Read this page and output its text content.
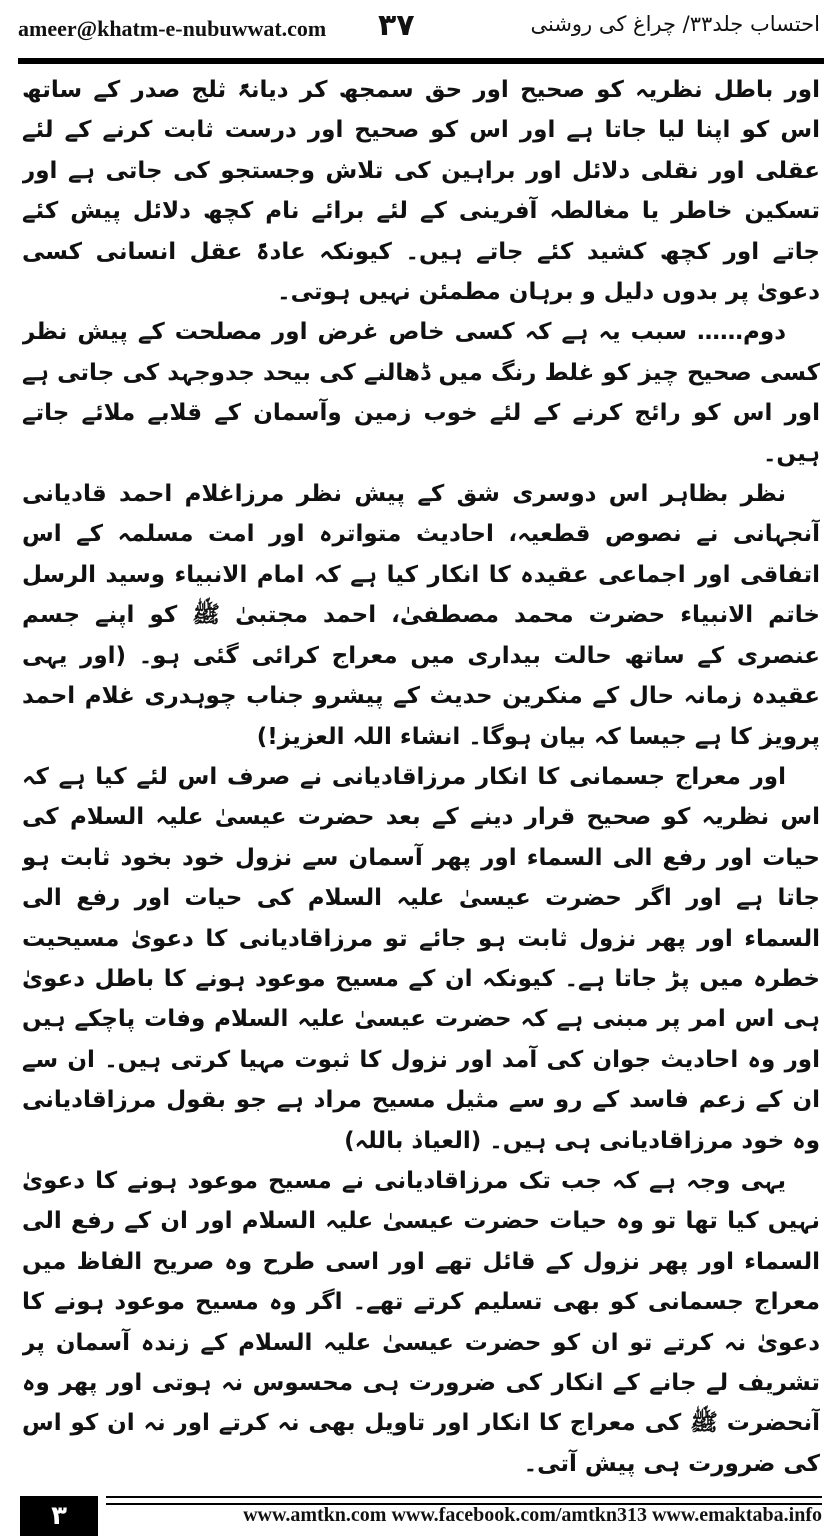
ameer@khatm-e-nubuwwat.com ۳۷	احتساب جلد۳۳/ چراغ کی روشنی

اور باطل نظریہ کو صحیح اور حق سمجھ کر دیانۃً ثلج صدر کے ساتھ اس کو اپنا لیا جاتا ہے اور اس کو صحیح اور درست ثابت کرنے کے لئے عقلی اور نقلی دلائل اور براہین کی تلاش وجستجو کی جاتی ہے اور تسکین خاطر یا مغالطہ آفرینی کے لئے برائے نام کچھ دلائل پیش کئے جاتے اور کچھ کشید کئے جاتے ہیں۔ کیونکہ عادۃً عقل انسانی کسی دعویٰ پر بدوں دلیل و برہان مطمئن نہیں ہوتی۔

دوم…… سبب یہ ہے کہ کسی خاص غرض اور مصلحت کے پیش نظر کسی صحیح چیز کو غلط رنگ میں ڈھالنے کی بیحد جدوجہد کی جاتی ہے اور اس کو رائج کرنے کے لئے خوب زمین وآسمان کے قلابے ملائے جاتے ہیں۔

نظر بظاہر اس دوسری شق کے پیش نظر مرزاغلام احمد قادیانی آنجہانی نے نصوص قطعیہ، احادیث متواترہ اور امت مسلمہ کے اس اتفاقی اور اجماعی عقیدہ کا انکار کیا ہے کہ امام الانبیاء وسید الرسل خاتم الانبیاء حضرت محمد مصطفیٰ، احمد مجتبیٰ ﷺ کو اپنے جسم عنصری کے ساتھ حالت بیداری میں معراج کرائی گئی ہو۔ (اور یہی عقیدہ زمانہ حال کے منکرین حدیث کے پیشرو جناب چوہدری غلام احمد پرویز کا ہے جیسا کہ بیان ہوگا۔ انشاء اللہ العزیز!)

اور معراج جسمانی کا انکار مرزاقادیانی نے صرف اس لئے کیا ہے کہ اس نظریہ کو صحیح قرار دینے کے بعد حضرت عیسیٰ علیہ السلام کی حیات اور رفع الی السماء اور پھر آسمان سے نزول خود بخود ثابت ہو جاتا ہے اور اگر حضرت عیسیٰ علیہ السلام کی حیات اور رفع الی السماء اور پھر نزول ثابت ہو جائے تو مرزاقادیانی کا دعویٰ مسیحیت خطرہ میں پڑ جاتا ہے۔ کیونکہ ان کے مسیح موعود ہونے کا باطل دعویٰ ہی اس امر پر مبنی ہے کہ حضرت عیسیٰ علیہ السلام وفات پاچکے ہیں اور وہ احادیث جوان کی آمد اور نزول کا ثبوت مہیا کرتی ہیں۔ ان سے ان کے زعم فاسد کے رو سے مثیل مسیح مراد ہے جو بقول مرزاقادیانی وہ خود مرزاقادیانی ہی ہیں۔ (العیاذ باللہ)

یہی وجہ ہے کہ جب تک مرزاقادیانی نے مسیح موعود ہونے کا دعویٰ نہیں کیا تھا تو وہ حیات حضرت عیسیٰ علیہ السلام اور ان کے رفع الی السماء اور پھر نزول کے قائل تھے اور اسی طرح وہ صریح الفاظ میں معراج جسمانی کو بھی تسلیم کرتے تھے۔ اگر وہ مسیح موعود ہونے کا دعویٰ نہ کرتے تو ان کو حضرت عیسیٰ علیہ السلام کے زندہ آسمان پر تشریف لے جانے کے انکار کی ضرورت ہی محسوس نہ ہوتی اور پھر وہ آنحضرت ﷺ کی معراج کا انکار اور تاویل بھی نہ کرتے اور نہ ان کو اس کی ضرورت ہی پیش آتی۔

۳	www.amtkn.com www.facebook.com/amtkn313 www.emaktaba.info
